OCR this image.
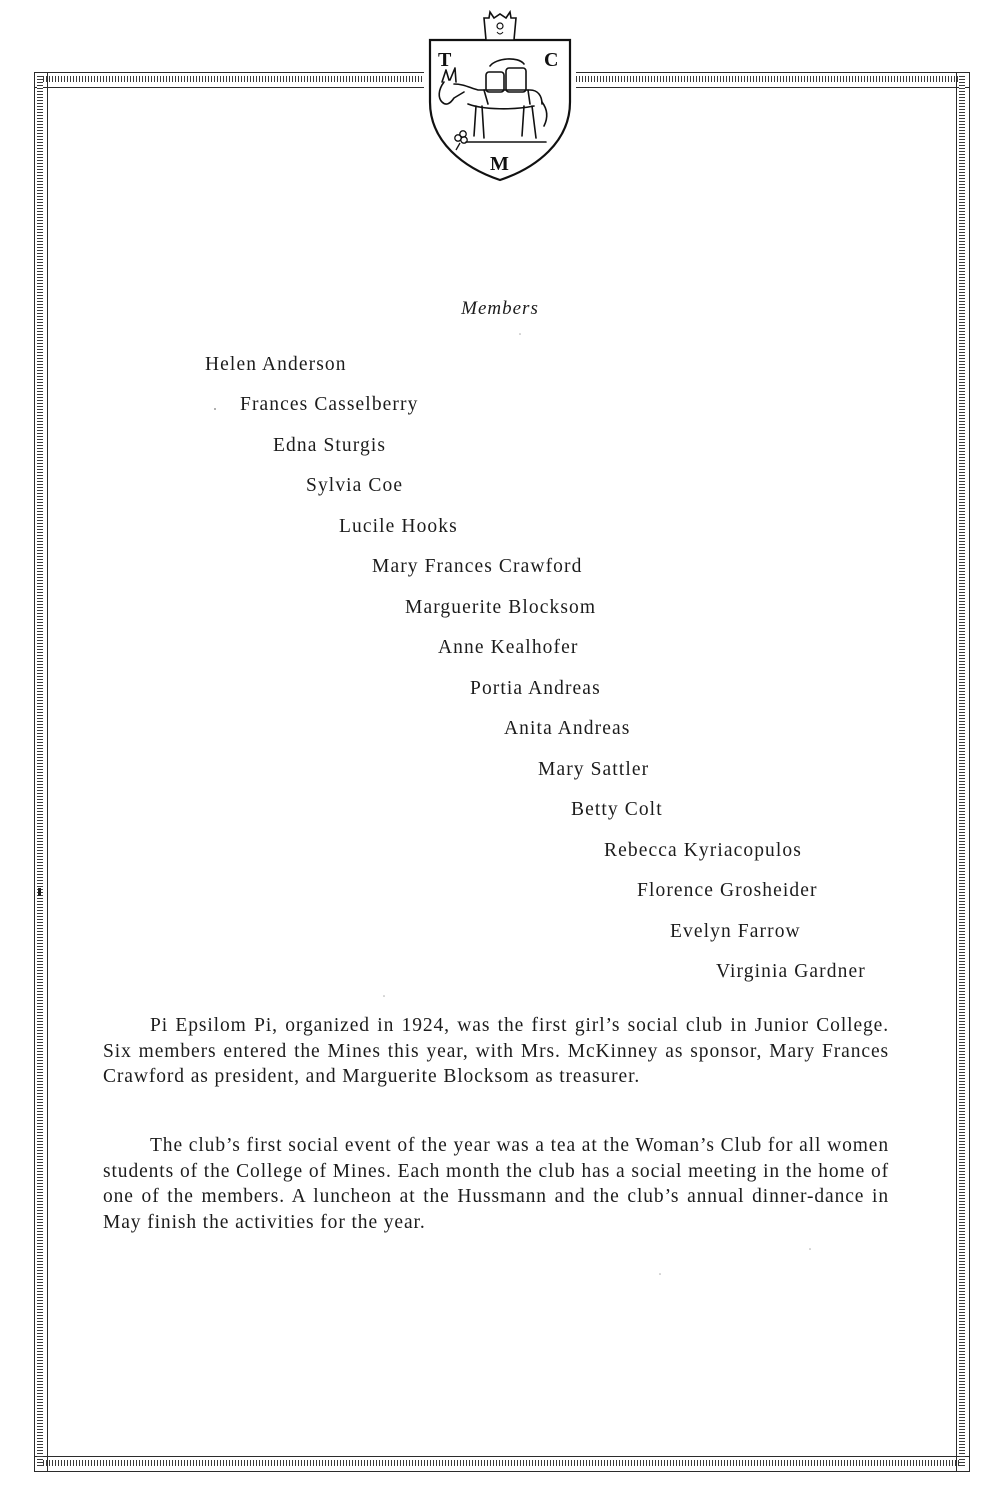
T	C
M
Members
Helen Anderson
Frances Casselberry
Edna Sturgis
Sylvia Coe
Lucile Hooks
Mary Frances Crawford
Marguerite Blocksom
Anne Kealhofer
Portia Andreas
Anita Andreas
Mary Sattler
Betty Colt
Rebecca Kyriacopulos
Florence Grosheider
Evelyn Farrow
Virginia Gardner

Pi Epsilom Pi, organized in 1924, was the first girl’s social club in Junior College. Six members entered the Mines this year, with Mrs. McKinney as sponsor, Mary Frances Crawford as president, and Marguerite Blocksom as treasurer.

The club’s first social event of the year was a tea at the Woman’s Club for all women students of the College of Mines. Each month the club has a social meeting in the home of one of the members. A luncheon at the Hussmann and the club’s annual dinner-dance in May finish the activities for the year.
